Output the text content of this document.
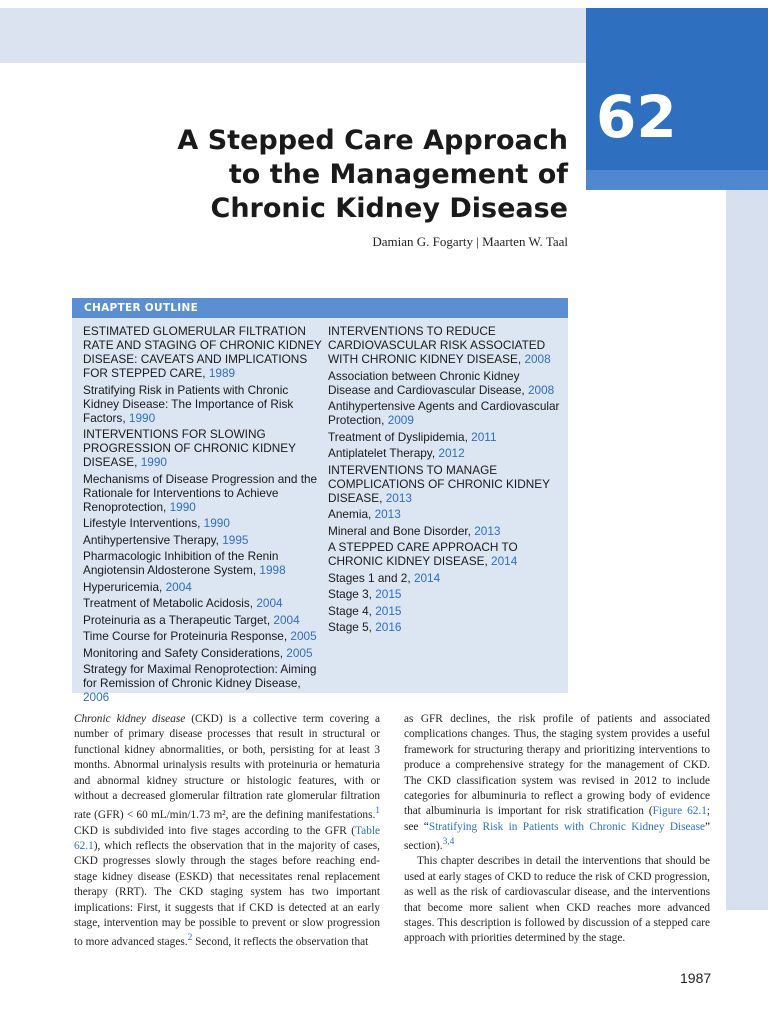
62
A Stepped Care Approach
to the Management of
Chronic Kidney Disease
Damian G. Fogarty | Maarten W. Taal
CHAPTER OUTLINE
ESTIMATED GLOMERULAR FILTRATION RATE AND STAGING OF CHRONIC KIDNEY DISEASE: CAVEATS AND IMPLICATIONS FOR STEPPED CARE, 1989
Stratifying Risk in Patients with Chronic Kidney Disease: The Importance of Risk Factors, 1990
INTERVENTIONS FOR SLOWING PROGRESSION OF CHRONIC KIDNEY DISEASE, 1990
Mechanisms of Disease Progression and the Rationale for Interventions to Achieve Renoprotection, 1990
Lifestyle Interventions, 1990
Antihypertensive Therapy, 1995
Pharmacologic Inhibition of the Renin Angiotensin Aldosterone System, 1998
Hyperuricemia, 2004
Treatment of Metabolic Acidosis, 2004
Proteinuria as a Therapeutic Target, 2004
Time Course for Proteinuria Response, 2005
Monitoring and Safety Considerations, 2005
Strategy for Maximal Renoprotection: Aiming for Remission of Chronic Kidney Disease, 2006
INTERVENTIONS TO REDUCE CARDIOVASCULAR RISK ASSOCIATED WITH CHRONIC KIDNEY DISEASE, 2008
Association between Chronic Kidney Disease and Cardiovascular Disease, 2008
Antihypertensive Agents and Cardiovascular Protection, 2009
Treatment of Dyslipidemia, 2011
Antiplatelet Therapy, 2012
INTERVENTIONS TO MANAGE COMPLICATIONS OF CHRONIC KIDNEY DISEASE, 2013
Anemia, 2013
Mineral and Bone Disorder, 2013
A STEPPED CARE APPROACH TO CHRONIC KIDNEY DISEASE, 2014
Stages 1 and 2, 2014
Stage 3, 2015
Stage 4, 2015
Stage 5, 2016

Chronic kidney disease (CKD) is a collective term covering a number of primary disease processes that result in structural or functional kidney abnormalities, or both, persisting for at least 3 months. Abnormal urinalysis results with proteinuria or hematuria and abnormal kidney structure or histologic features, with or without a decreased glomerular filtration rate glomerular filtration rate (GFR) < 60 mL/min/1.73 m², are the defining manifestations.$^1$ CKD is subdivided into five stages according to the GFR (Table 62.1), which reflects the observation that in the majority of cases, CKD progresses slowly through the stages before reaching end-stage kidney disease (ESKD) that necessitates renal replacement therapy (RRT). The CKD staging system has two important implications: First, it suggests that if CKD is detected at an early stage, intervention may be possible to prevent or slow progression to more advanced stages.$^2$ Second, it reflects the observation that

as GFR declines, the risk profile of patients and associated complications changes. Thus, the staging system provides a useful framework for structuring therapy and prioritizing interventions to produce a comprehensive strategy for the management of CKD. The CKD classification system was revised in 2012 to include categories for albuminuria to reflect a growing body of evidence that albuminuria is important for risk stratification (Figure 62.1; see “Stratifying Risk in Patients with Chronic Kidney Disease” section).$^{3,4}$

This chapter describes in detail the interventions that should be used at early stages of CKD to reduce the risk of CKD progression, as well as the risk of cardiovascular disease, and the interventions that become more salient when CKD reaches more advanced stages. This description is followed by discussion of a stepped care approach with priorities determined by the stage.

1987
